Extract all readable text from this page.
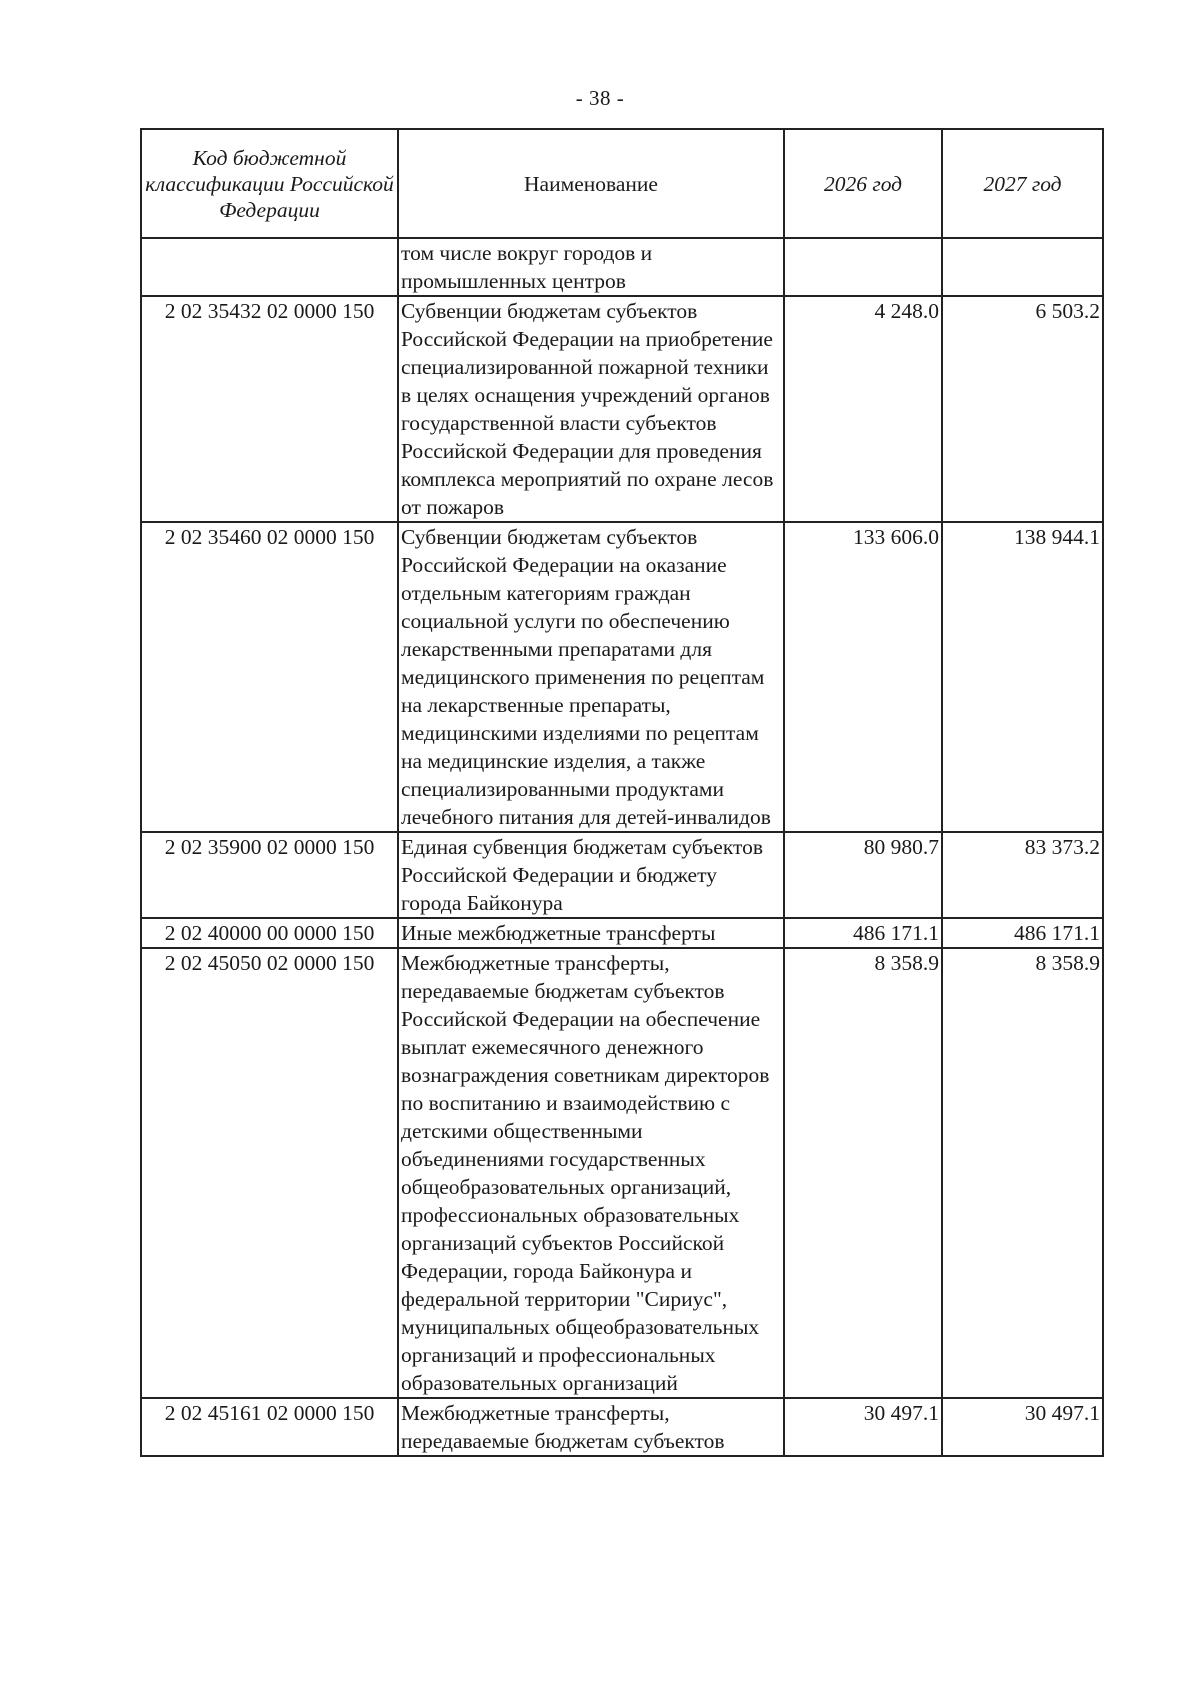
- 38 -
Код бюджетной классификации Российской Федерации	Наименование	2026 год	2027 год
	том числе вокруг городов и промышленных центров		
2 02 35432 02 0000 150	Субвенции бюджетам субъектов Российской Федерации на приобретение специализированной пожарной техники в целях оснащения учреждений органов государственной власти субъектов Российской Федерации для проведения комплекса мероприятий по охране лесов от пожаров	4 248.0	6 503.2
2 02 35460 02 0000 150	Субвенции бюджетам субъектов Российской Федерации на оказание отдельным категориям граждан социальной услуги по обеспечению лекарственными препаратами для медицинского применения по рецептам на лекарственные препараты, медицинскими изделиями по рецептам на медицинские изделия, а также специализированными продуктами лечебного питания для детей-инвалидов	133 606.0	138 944.1
2 02 35900 02 0000 150	Единая субвенция бюджетам субъектов Российской Федерации и бюджету города Байконура	80 980.7	83 373.2
2 02 40000 00 0000 150	Иные межбюджетные трансферты	486 171.1	486 171.1
2 02 45050 02 0000 150	Межбюджетные трансферты, передаваемые бюджетам субъектов Российской Федерации на обеспечение выплат ежемесячного денежного вознаграждения советникам директоров по воспитанию и взаимодействию с детскими общественными объединениями государственных общеобразовательных организаций, профессиональных образовательных организаций субъектов Российской Федерации, города Байконура и федеральной территории "Сириус", муниципальных общеобразовательных организаций и профессиональных образовательных организаций	8 358.9	8 358.9
2 02 45161 02 0000 150	Межбюджетные трансферты, передаваемые бюджетам субъектов	30 497.1	30 497.1
